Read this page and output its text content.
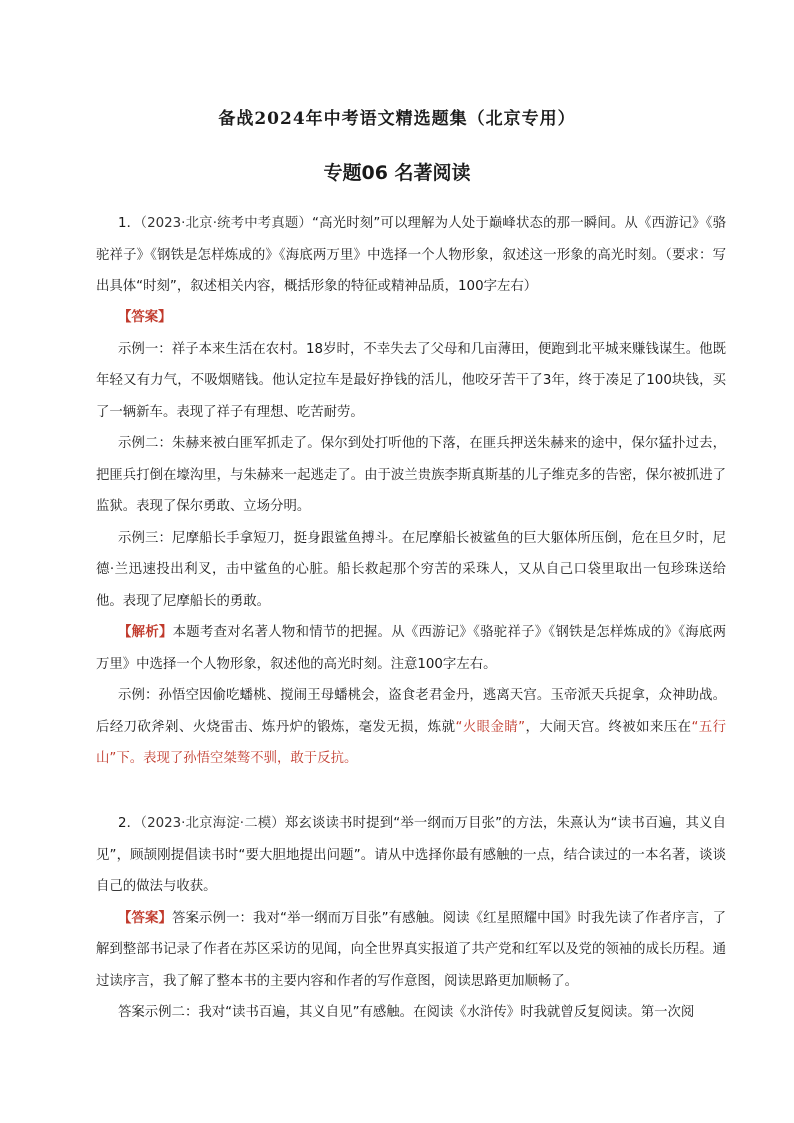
备战2024年中考语文精选题集（北京专用）
专题06 名著阅读

1．（2023·北京·统考中考真题）“高光时刻”可以理解为人处于巅峰状态的那一瞬间。从《西游记》《骆驼祥子》《钢铁是怎样炼成的》《海底两万里》中选择一个人物形象，叙述这一形象的高光时刻。（要求：写出具体“时刻”，叙述相关内容，概括形象的特征或精神品质，100字左右）

【答案】

示例一：祥子本来生活在农村。18岁时，不幸失去了父母和几亩薄田，便跑到北平城来赚钱谋生。他既年轻又有力气，不吸烟赌钱。他认定拉车是最好挣钱的活儿，他咬牙苦干了3年，终于凑足了100块钱，买了一辆新车。表现了祥子有理想、吃苦耐劳。

示例二：朱赫来被白匪军抓走了。保尔到处打听他的下落，在匪兵押送朱赫来的途中，保尔猛扑过去，把匪兵打倒在壕沟里，与朱赫来一起逃走了。由于波兰贵族李斯真斯基的儿子维克多的告密，保尔被抓进了监狱。表现了保尔勇敢、立场分明。

示例三：尼摩船长手拿短刀，挺身跟鲨鱼搏斗。在尼摩船长被鲨鱼的巨大躯体所压倒，危在旦夕时，尼德·兰迅速投出利叉，击中鲨鱼的心脏。船长救起那个穷苦的采珠人，又从自己口袋里取出一包珍珠送给他。表现了尼摩船长的勇敢。

【解析】本题考查对名著人物和情节的把握。从《西游记》《骆驼祥子》《钢铁是怎样炼成的》《海底两万里》中选择一个人物形象，叙述他的高光时刻。注意100字左右。

示例：孙悟空因偷吃蟠桃、搅闹王母蟠桃会，盗食老君金丹，逃离天宫。玉帝派天兵捉拿，众神助战。后经刀砍斧剁、火烧雷击、炼丹炉的锻炼，毫发无损，炼就“火眼金睛”，大闹天宫。终被如来压在“五行山”下。表现了孙悟空桀骜不驯，敢于反抗。

2．（2023·北京海淀·二模）郑玄谈读书时提到“举一纲而万目张”的方法，朱熹认为“读书百遍，其义自见”，顾颉刚提倡读书时“要大胆地提出问题”。请从中选择你最有感触的一点，结合读过的一本名著，谈谈自己的做法与收获。

【答案】答案示例一：我对“举一纲而万目张”有感触。阅读《红星照耀中国》时我先读了作者序言，了解到整部书记录了作者在苏区采访的见闻，向全世界真实报道了共产党和红军以及党的领袖的成长历程。通过读序言，我了解了整本书的主要内容和作者的写作意图，阅读思路更加顺畅了。

答案示例二：我对“读书百遍，其义自见”有感触。在阅读《水浒传》时我就曾反复阅读。第一次阅
